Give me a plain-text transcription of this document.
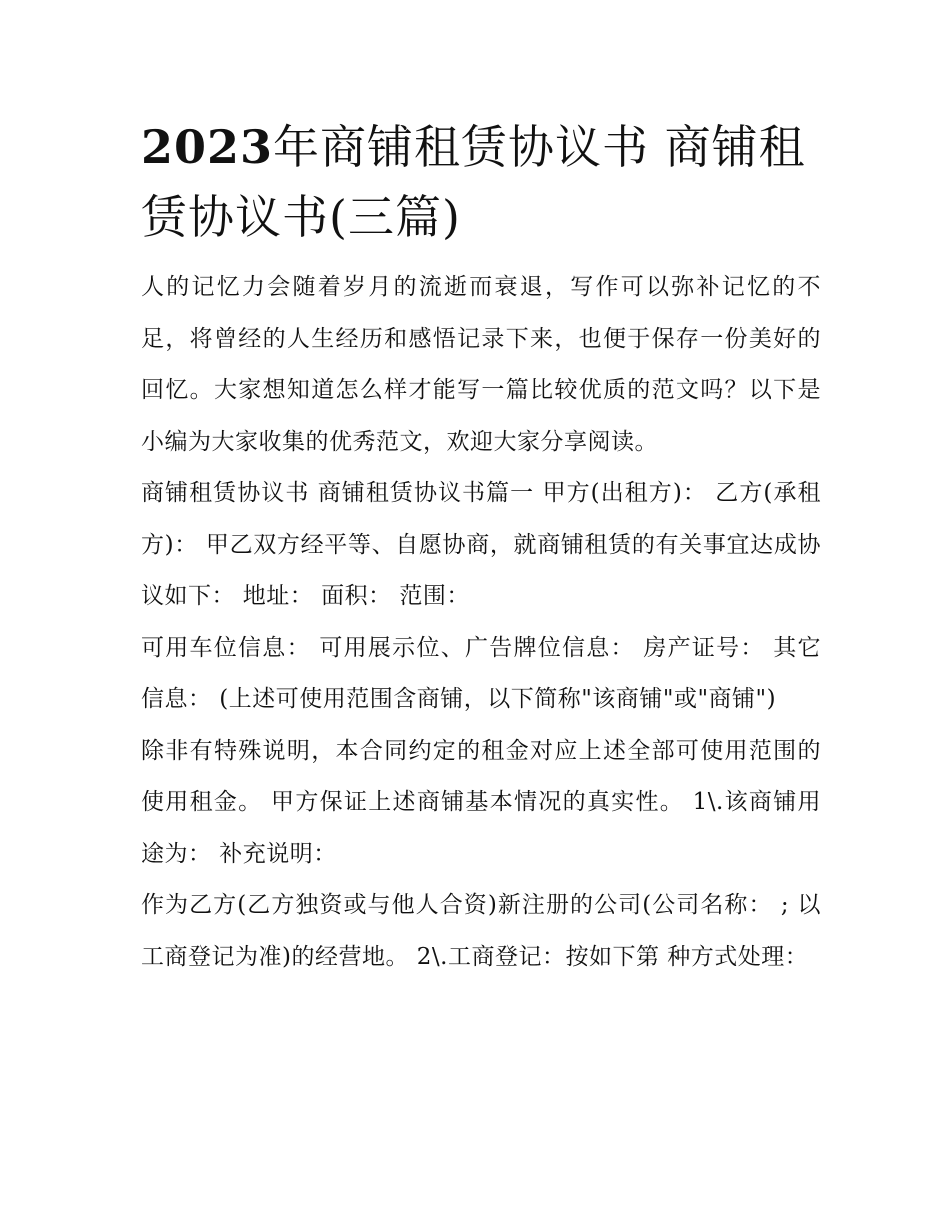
2023年商铺租赁协议书 商铺租赁协议书(三篇)

人的记忆力会随着岁月的流逝而衰退，写作可以弥补记忆的不足，将曾经的人生经历和感悟记录下来，也便于保存一份美好的回忆。大家想知道怎么样才能写一篇比较优质的范文吗？以下是小编为大家收集的优秀范文，欢迎大家分享阅读。

商铺租赁协议书 商铺租赁协议书篇一 甲方(出租方)： 乙方(承租方)： 甲乙双方经平等、自愿协商，就商铺租赁的有关事宜达成协议如下： 地址： 面积： 范围：

可用车位信息： 可用展示位、广告牌位信息： 房产证号： 其它信息： (上述可使用范围含商铺，以下简称"该商铺"或"商铺")

除非有特殊说明，本合同约定的租金对应上述全部可使用范围的使用租金。 甲方保证上述商铺基本情况的真实性。 1\.该商铺用途为： 补充说明：

作为乙方(乙方独资或与他人合资)新注册的公司(公司名称： ; 以工商登记为准)的经营地。 2\.工商登记：按如下第 种方式处理：
